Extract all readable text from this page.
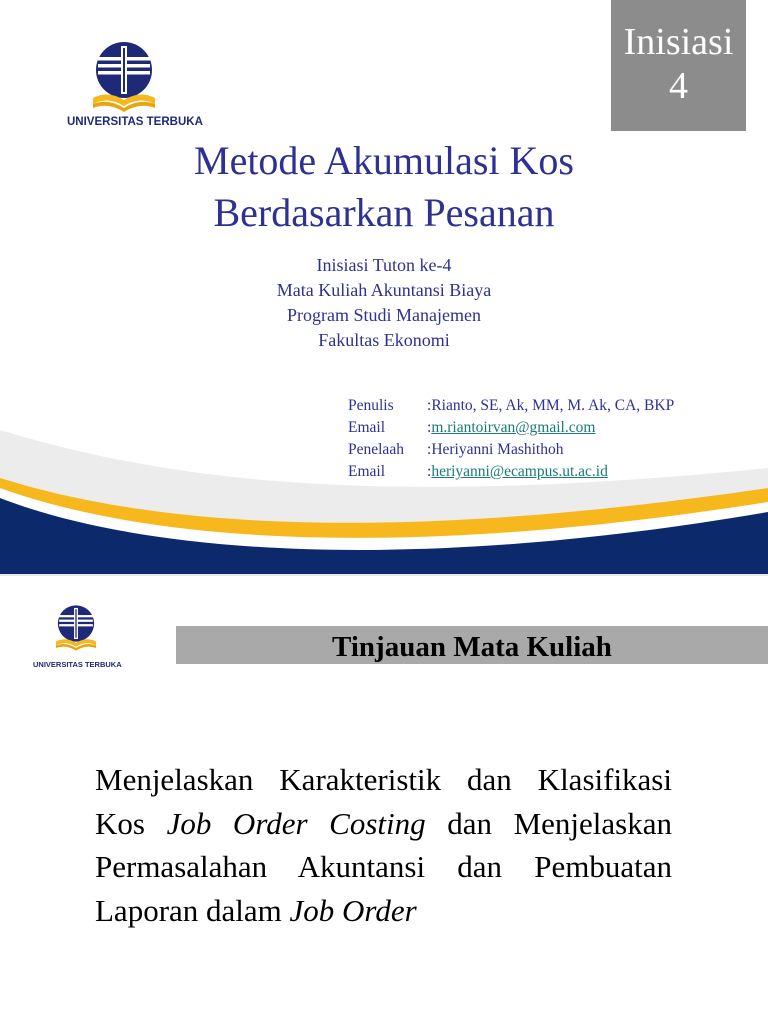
UNIVERSITAS TERBUKA
Inisiasi
4
Metode Akumulasi Kos
Berdasarkan Pesanan
Inisiasi Tuton ke-4
Mata Kuliah Akuntansi Biaya
Program Studi Manajemen
Fakultas Ekonomi
Penulis	: Rianto, SE, Ak, MM, M. Ak, CA, BKP
Email	: m.riantoirvan@gmail.com
Penelaah	: Heriyanni Mashithoh
Email	: heriyanni@ecampus.ut.ac.id
UNIVERSITAS TERBUKA
Tinjauan Mata Kuliah
Menjelaskan Karakteristik dan Klasifikasi Kos Job Order Costing dan Menjelaskan Permasalahan Akuntansi dan Pembuatan Laporan dalam Job Order
